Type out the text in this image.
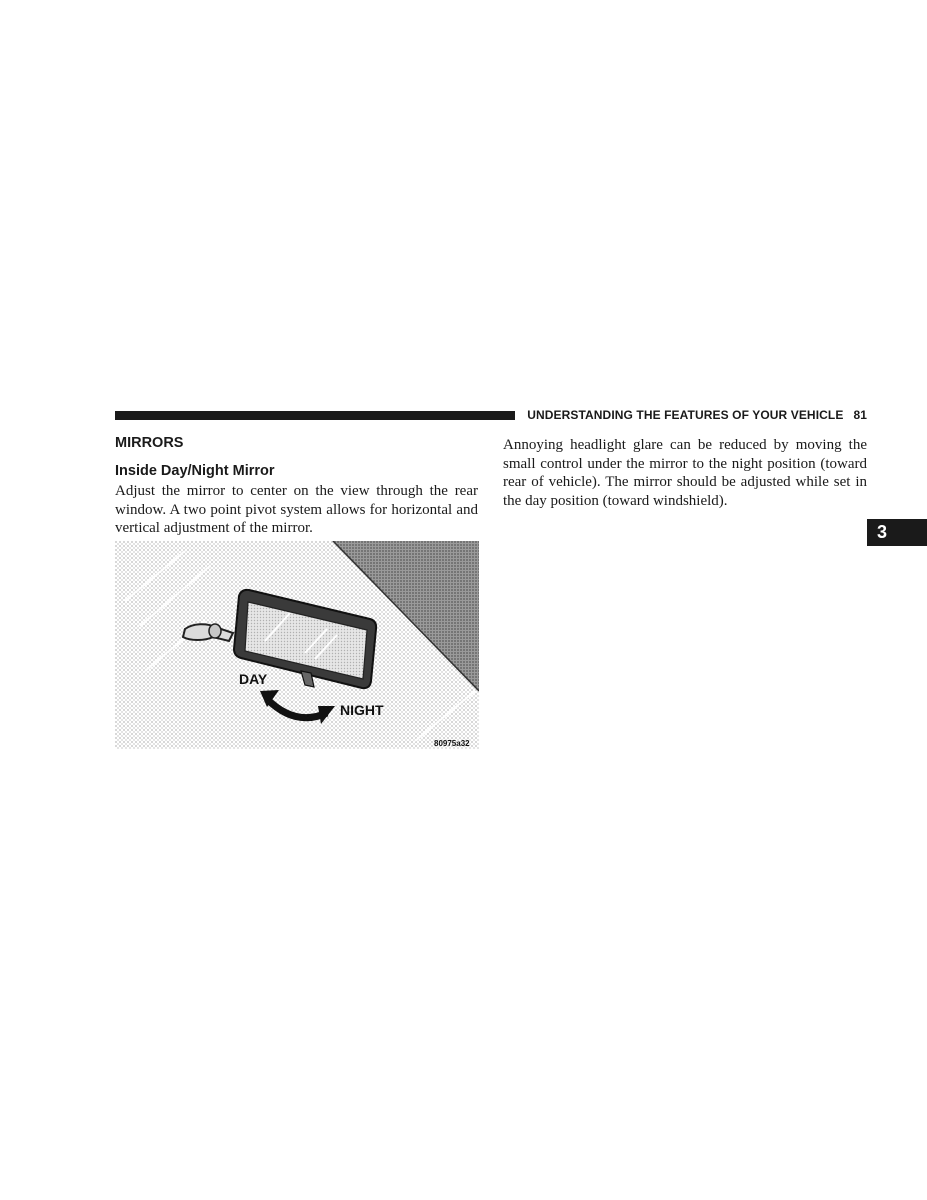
UNDERSTANDING THE FEATURES OF YOUR VEHICLE 81
MIRRORS
Inside Day/Night Mirror

Adjust the mirror to center on the view through the rear window. A two point pivot system allows for horizontal and vertical adjustment of the mirror.

Annoying headlight glare can be reduced by moving the small control under the mirror to the night position (toward rear of vehicle). The mirror should be adjusted while set in the day position (toward windshield).

DAY
NIGHT
80975a32
3
